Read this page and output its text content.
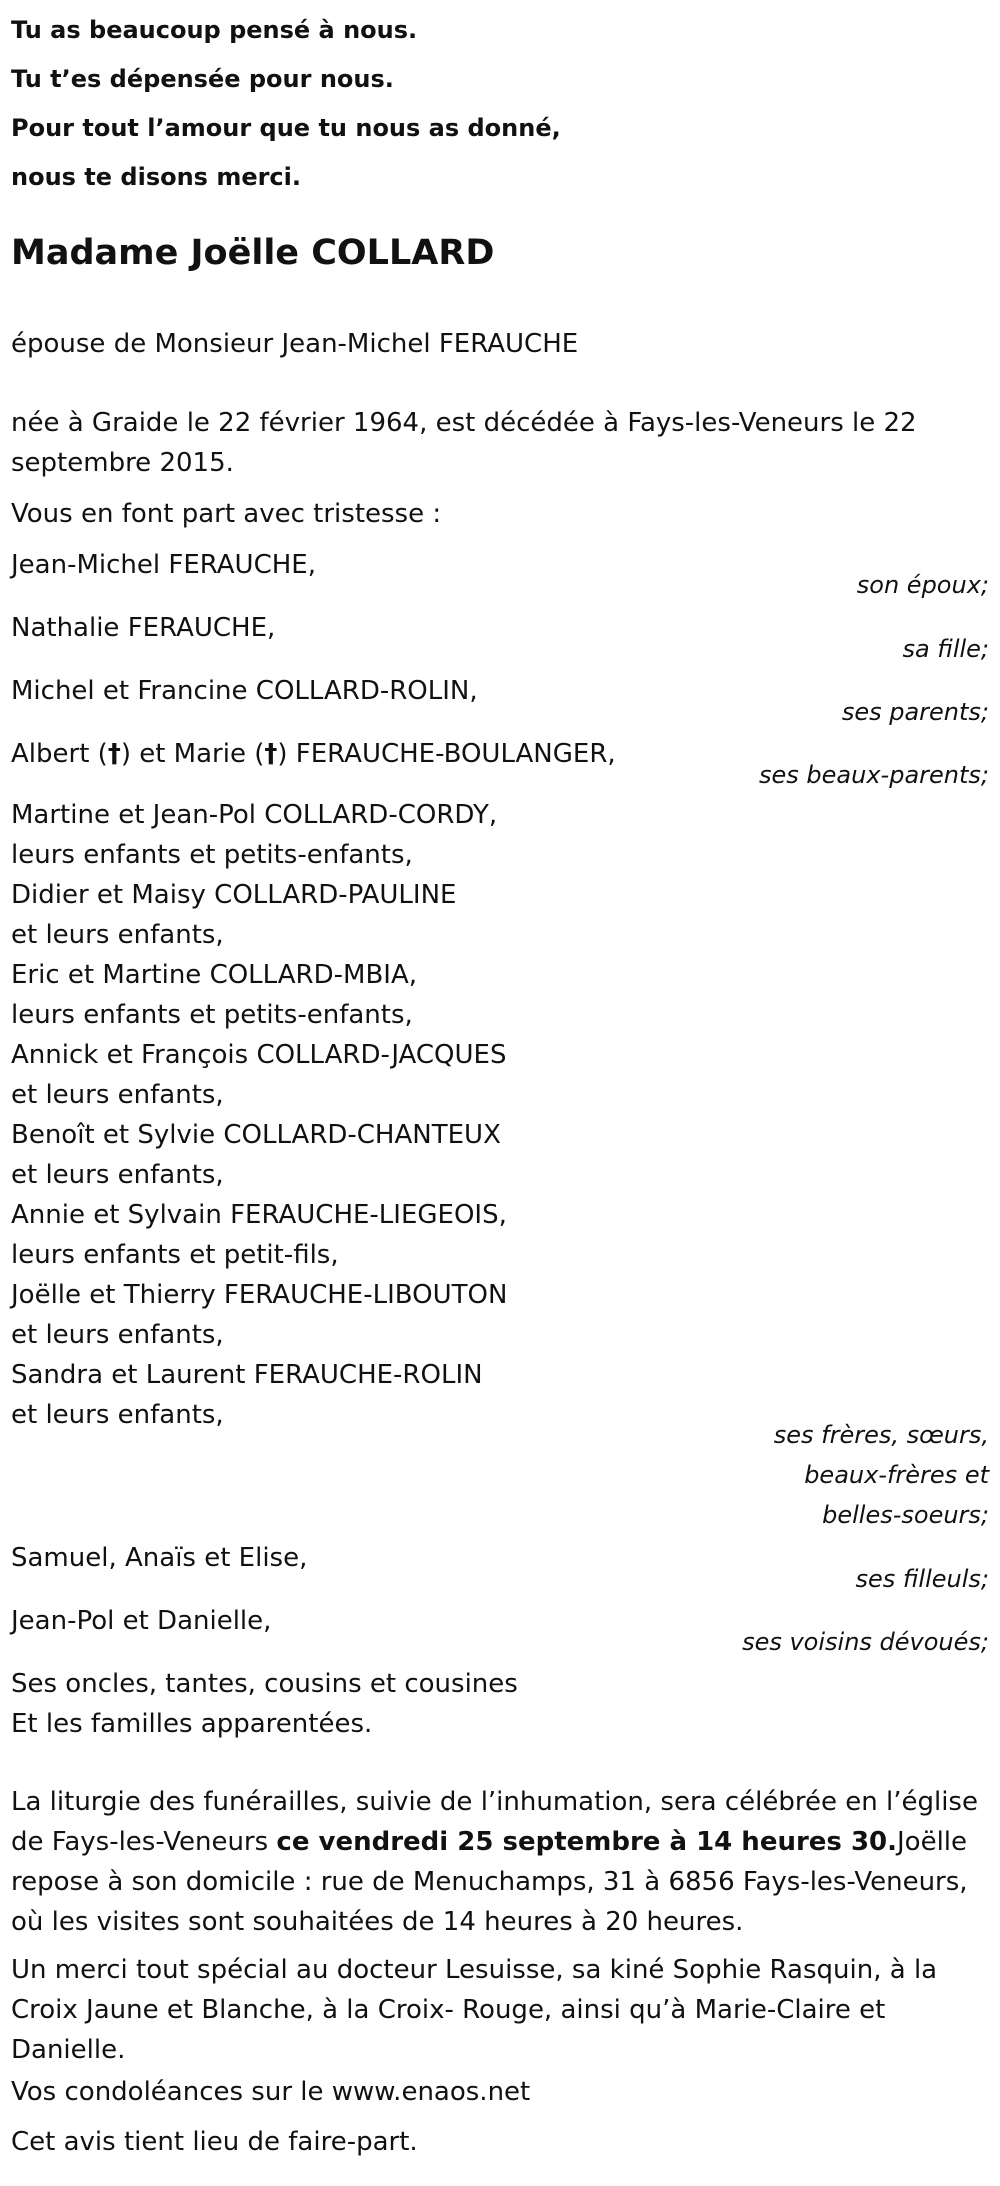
Tu as beaucoup pensé à nous.
Tu t’es dépensée pour nous.
Pour tout l’amour que tu nous as donné,
nous te disons merci.
Madame Joëlle COLLARD
épouse de Monsieur Jean-Michel FERAUCHE
née à Graide le 22 février 1964, est décédée à Fays-les-Veneurs le 22 septembre 2015.
Vous en font part avec tristesse :
Jean-Michel FERAUCHE,
son époux;
Nathalie FERAUCHE,
sa fille;
Michel et Francine COLLARD-ROLIN,
ses parents;
Albert (†) et Marie (†) FERAUCHE-BOULANGER,
ses beaux-parents;
Martine et Jean-Pol COLLARD-CORDY,
leurs enfants et petits-enfants,
Didier et Maisy COLLARD-PAULINE
et leurs enfants,
Eric et Martine COLLARD-MBIA,
leurs enfants et petits-enfants,
Annick et François COLLARD-JACQUES
et leurs enfants,
Benoît et Sylvie COLLARD-CHANTEUX
et leurs enfants,
Annie et Sylvain FERAUCHE-LIEGEOIS,
leurs enfants et petit-fils,
Joëlle et Thierry FERAUCHE-LIBOUTON
et leurs enfants,
Sandra et Laurent FERAUCHE-ROLIN
et leurs enfants,
ses frères, sœurs,
beaux-frères et
belles-soeurs;
Samuel, Anaïs et Elise,
ses filleuls;
Jean-Pol et Danielle,
ses voisins dévoués;
Ses oncles, tantes, cousins et cousines
Et les familles apparentées.
La liturgie des funérailles, suivie de l’inhumation, sera célébrée en l’église de Fays-les-Veneurs ce vendredi 25 septembre à 14 heures 30.Joëlle repose à son domicile : rue de Menuchamps, 31 à 6856 Fays-les-Veneurs, où les visites sont souhaitées de 14 heures à 20 heures.
Un merci tout spécial au docteur Lesuisse, sa kiné Sophie Rasquin, à la Croix Jaune et Blanche, à la Croix- Rouge, ainsi qu’à Marie-Claire et Danielle.
Vos condoléances sur le www.enaos.net
Cet avis tient lieu de faire-part.
